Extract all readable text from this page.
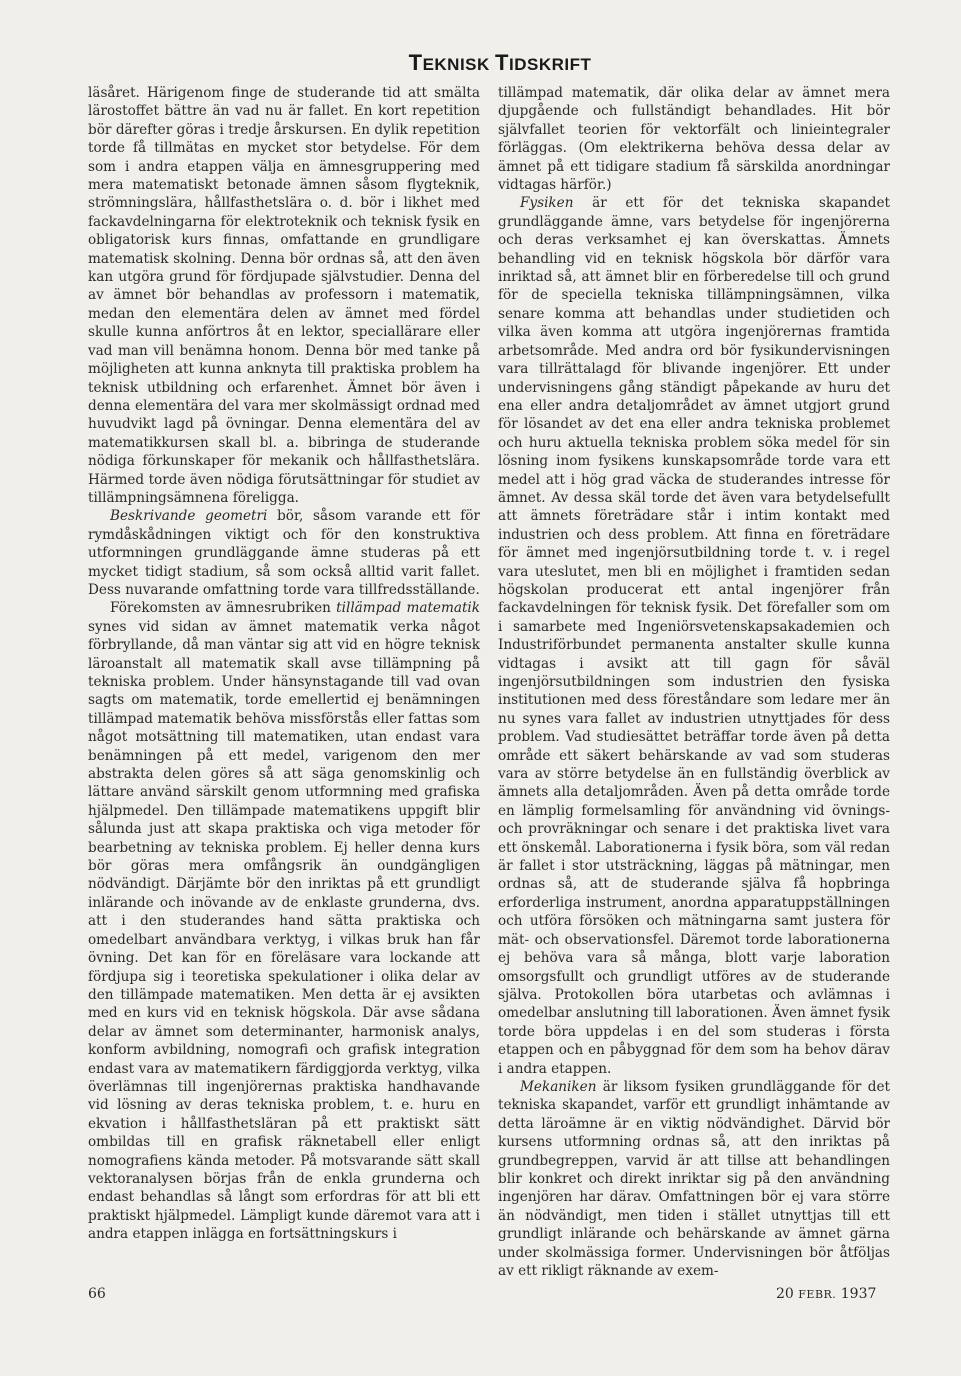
TEKNISK TIDSKRIFT

läsåret. Härigenom finge de studerande tid att smälta lärostoffet bättre än vad nu är fallet. En kort repetition bör därefter göras i tredje årskursen. En dylik repetition torde få tillmätas en mycket stor betydelse. För dem som i andra etappen välja en ämnesgruppering med mera matematiskt betonade ämnen såsom flygteknik, strömningslära, hållfasthetslära o. d. bör i likhet med fackavdelningarna för elektroteknik och teknisk fysik en obligatorisk kurs finnas, omfattande en grundligare matematisk skolning. Denna bör ordnas så, att den även kan utgöra grund för fördjupade självstudier. Denna del av ämnet bör behandlas av professorn i matematik, medan den elementära delen av ämnet med fördel skulle kunna anförtros åt en lektor, speciallärare eller vad man vill benämna honom. Denna bör med tanke på möjligheten att kunna anknyta till praktiska problem ha teknisk utbildning och erfarenhet. Ämnet bör även i denna elementära del vara mer skolmässigt ordnad med huvudvikt lagd på övningar. Denna elementära del av matematikkursen skall bl. a. bibringa de studerande nödiga förkunskaper för mekanik och hållfasthetslära. Härmed torde även nödiga förutsättningar för studiet av tillämpningsämnena föreligga.

Beskrivande geometri bör, såsom varande ett för rymdåskådningen viktigt och för den konstruktiva utformningen grundläggande ämne studeras på ett mycket tidigt stadium, så som också alltid varit fallet. Dess nuvarande omfattning torde vara tillfredsställande.

Förekomsten av ämnesrubriken tillämpad matematik synes vid sidan av ämnet matematik verka något förbryllande, då man väntar sig att vid en högre teknisk läroanstalt all matematik skall avse tillämpning på tekniska problem. Under hänsynstagande till vad ovan sagts om matematik, torde emellertid ej benämningen tillämpad matematik behöva missförstås eller fattas som något motsättning till matematiken, utan endast vara benämningen på ett medel, varigenom den mer abstrakta delen göres så att säga genomskinlig och lättare använd särskilt genom utformning med grafiska hjälpmedel. Den tillämpade matematikens uppgift blir sålunda just att skapa praktiska och viga metoder för bearbetning av tekniska problem. Ej heller denna kurs bör göras mera omfångsrik än oundgängligen nödvändigt. Därjämte bör den inriktas på ett grundligt inlärande och inövande av de enklaste grunderna, dvs. att i den studerandes hand sätta praktiska och omedelbart användbara verktyg, i vilkas bruk han får övning. Det kan för en föreläsare vara lockande att fördjupa sig i teoretiska spekulationer i olika delar av den tillämpade matematiken. Men detta är ej avsikten med en kurs vid en teknisk högskola. Där avse sådana delar av ämnet som determinanter, harmonisk analys, konform avbildning, nomografi och grafisk integration endast vara av matematikern färdiggjorda verktyg, vilka överlämnas till ingenjörernas praktiska handhavande vid lösning av deras tekniska problem, t. e. huru en ekvation i hållfasthetsläran på ett praktiskt sätt ombildas till en grafisk räknetabell eller enligt nomografiens kända metoder. På motsvarande sätt skall vektoranalysen börjas från de enkla grunderna och endast behandlas så långt som erfordras för att bli ett praktiskt hjälpmedel. Lämpligt kunde däremot vara att i andra etappen inlägga en fortsättningskurs i

tillämpad matematik, där olika delar av ämnet mera djupgående och fullständigt behandlades. Hit bör självfallet teorien för vektorfält och linieintegraler förläggas. (Om elektrikerna behöva dessa delar av ämnet på ett tidigare stadium få särskilda anordningar vidtagas härför.)

Fysiken är ett för det tekniska skapandet grundläggande ämne, vars betydelse för ingenjörerna och deras verksamhet ej kan överskattas. Ämnets behandling vid en teknisk högskola bör därför vara inriktad så, att ämnet blir en förberedelse till och grund för de speciella tekniska tillämpningsämnen, vilka senare komma att behandlas under studietiden och vilka även komma att utgöra ingenjörernas framtida arbetsområde. Med andra ord bör fysikundervisningen vara tillrättalagd för blivande ingenjörer. Ett under undervisningens gång ständigt påpekande av huru det ena eller andra detaljområdet av ämnet utgjort grund för lösandet av det ena eller andra tekniska problemet och huru aktuella tekniska problem söka medel för sin lösning inom fysikens kunskapsområde torde vara ett medel att i hög grad väcka de studerandes intresse för ämnet. Av dessa skäl torde det även vara betydelsefullt att ämnets företrädare står i intim kontakt med industrien och dess problem. Att finna en företrädare för ämnet med ingenjörsutbildning torde t. v. i regel vara uteslutet, men bli en möjlighet i framtiden sedan högskolan producerat ett antal ingenjörer från fackavdelningen för teknisk fysik. Det förefaller som om i samarbete med Ingeniörsvetenskapsakademien och Industriförbundet permanenta anstalter skulle kunna vidtagas i avsikt att till gagn för såväl ingenjörsutbildningen som industrien den fysiska institutionen med dess föreståndare som ledare mer än nu synes vara fallet av industrien utnyttjades för dess problem. Vad studiesättet beträffar torde även på detta område ett säkert behärskande av vad som studeras vara av större betydelse än en fullständig överblick av ämnets alla detaljområden. Även på detta område torde en lämplig formelsamling för användning vid övnings- och provräkningar och senare i det praktiska livet vara ett önskemål. Laborationerna i fysik böra, som väl redan är fallet i stor utsträckning, läggas på mätningar, men ordnas så, att de studerande själva få hopbringa erforderliga instrument, anordna apparatuppställningen och utföra försöken och mätningarna samt justera för mät- och observationsfel. Däremot torde laborationerna ej behöva vara så många, blott varje laboration omsorgsfullt och grundligt utföres av de studerande själva. Protokollen böra utarbetas och avlämnas i omedelbar anslutning till laborationen. Även ämnet fysik torde böra uppdelas i en del som studeras i första etappen och en påbyggnad för dem som ha behov därav i andra etappen.

Mekaniken är liksom fysiken grundläggande för det tekniska skapandet, varför ett grundligt inhämtande av detta läroämne är en viktig nödvändighet. Därvid bör kursens utformning ordnas så, att den inriktas på grundbegreppen, varvid är att tillse att behandlingen blir konkret och direkt inriktar sig på den användning ingenjören har därav. Omfattningen bör ej vara större än nödvändigt, men tiden i stället utnyttjas till ett grundligt inlärande och behärskande av ämnet gärna under skolmässiga former. Undervisningen bör åtföljas av ett rikligt räknande av exem-

66	20 FEBR. 1937
